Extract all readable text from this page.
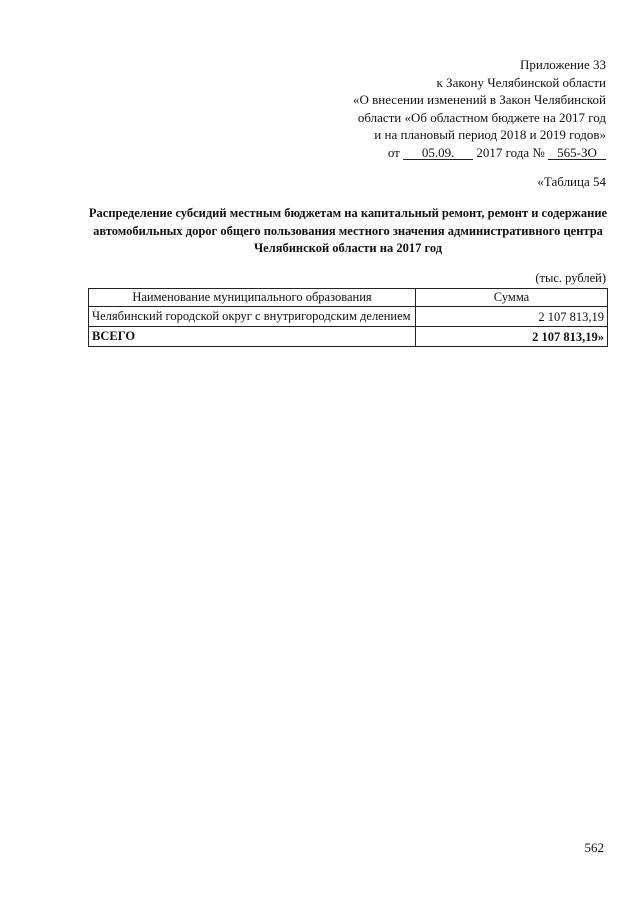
Приложение 33
к Закону Челябинской области
«О внесении изменений в Закон Челябинской
области «Об областном бюджете на 2017 год
и на плановый период 2018 и 2019 годов»
от 05.09. 2017 года № 565-ЗО
«Таблица 54
Распределение субсидий местным бюджетам на капитальный ремонт, ремонт и содержание автомобильных дорог общего пользования местного значения административного центра Челябинской области на 2017 год
(тыс. рублей)
Наименование муниципального образования	Сумма
Челябинский городской округ с внутригородским делением	2 107 813,19
ВСЕГО	2 107 813,19»
562
